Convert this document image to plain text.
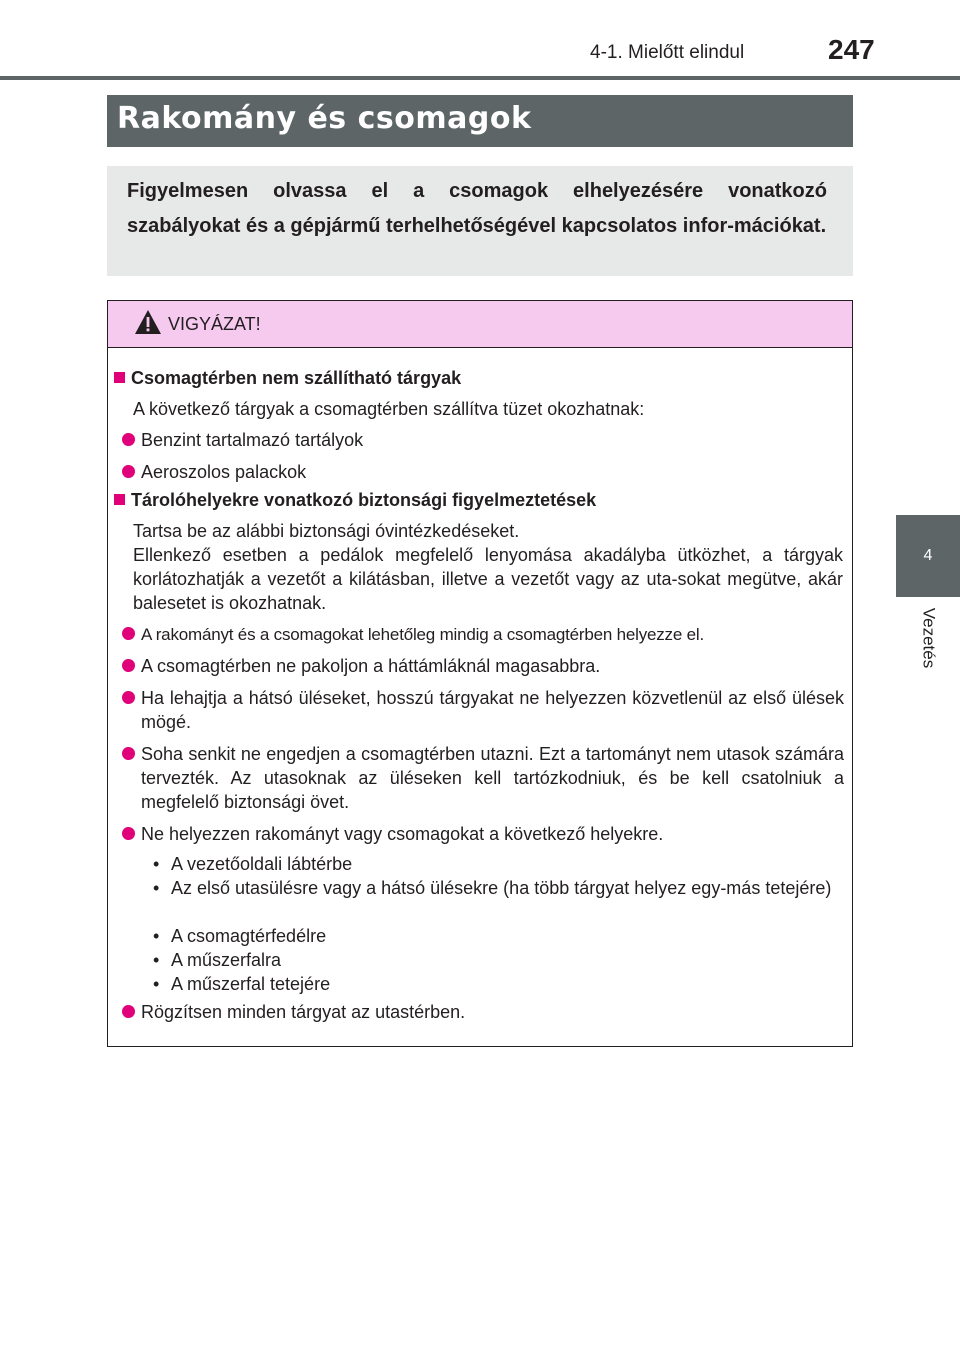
4-1. Mielőtt elindul	247
4
Vezetés
Rakomány és csomagok

Figyelmesen olvassa el a csomagok elhelyezésére vonatkozó szabályokat és a gépjármű terhelhetőségével kapcsolatos infor-mációkat.

VIGYÁZAT!
Csomagtérben nem szállítható tárgyak
A következő tárgyak a csomagtérben szállítva tüzet okozhatnak:
Benzint tartalmazó tartályok
Aeroszolos palackok
Tárolóhelyekre vonatkozó biztonsági figyelmeztetések
Tartsa be az alábbi biztonsági óvintézkedéseket.
Ellenkező esetben a pedálok megfelelő lenyomása akadályba ütközhet, a tárgyak korlátozhatják a vezetőt a kilátásban, illetve a vezetőt vagy az uta-sokat megütve, akár balesetet is okozhatnak.
A rakományt és a csomagokat lehetőleg mindig a csomagtérben helyezze el.
A csomagtérben ne pakoljon a háttámláknál magasabbra.
Ha lehajtja a hátsó üléseket, hosszú tárgyakat ne helyezzen közvetlenül az első ülések mögé.
Soha senkit ne engedjen a csomagtérben utazni. Ezt a tartományt nem utasok számára tervezték. Az utasoknak az üléseken kell tartózkodniuk, és be kell csatolniuk a megfelelő biztonsági övet.
Ne helyezzen rakományt vagy csomagokat a következő helyekre.
• A vezetőoldali lábtérbe
• Az első utasülésre vagy a hátsó ülésekre (ha több tárgyat helyez egy-más tetejére)
• A csomagtérfedélre
• A műszerfalra
• A műszerfal tetejére
Rögzítsen minden tárgyat az utastérben.
